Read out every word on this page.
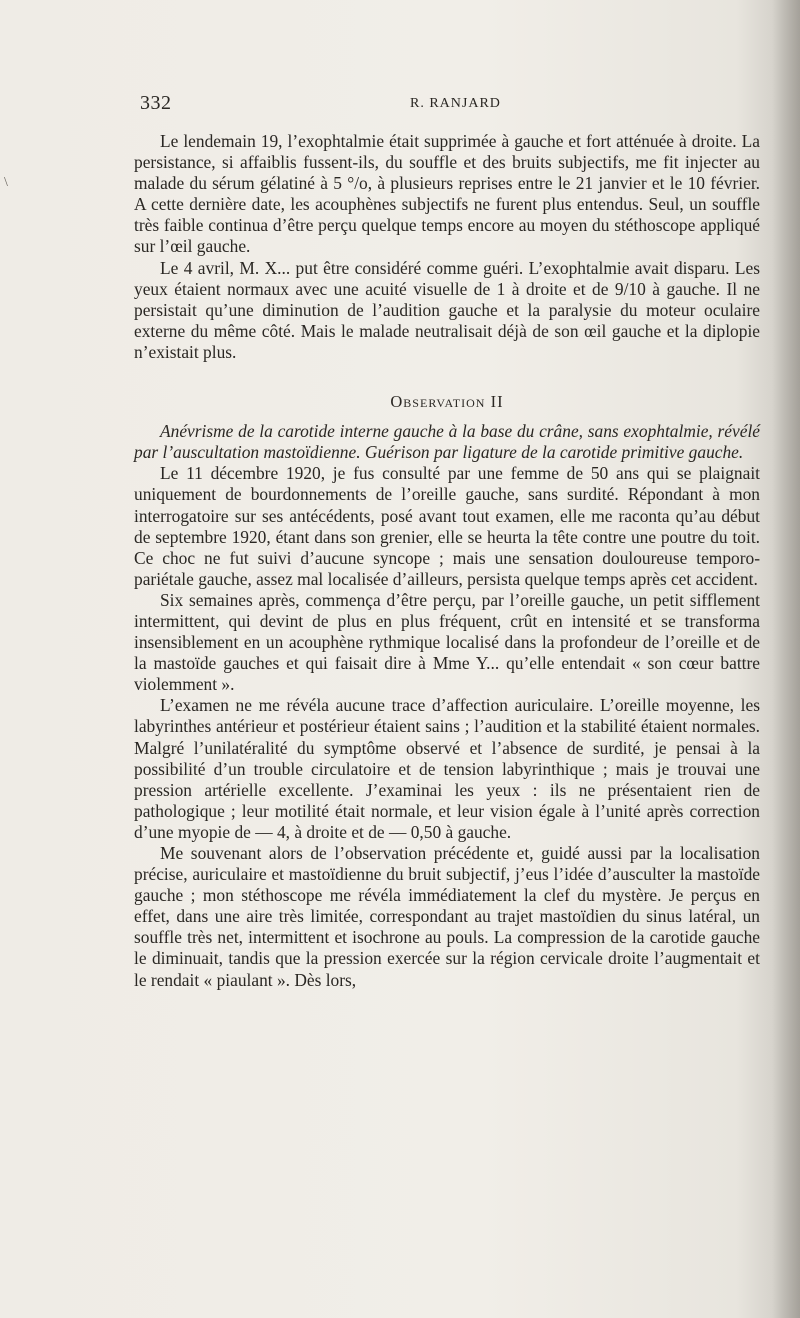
332	R. RANJARD
\

Le lendemain 19, l’exophtalmie était supprimée à gauche et fort atténuée à droite. La persistance, si affaiblis fussent-ils, du souffle et des bruits subjectifs, me fit injecter au malade du sérum gélatiné à 5 °/o, à plusieurs reprises entre le 21 janvier et le 10 février. A cette dernière date, les acouphènes subjectifs ne furent plus entendus. Seul, un souffle très faible continua d’être perçu quelque temps encore au moyen du stéthoscope appliqué sur l’œil gauche.

Le 4 avril, M. X... put être considéré comme guéri. L’exophtalmie avait disparu. Les yeux étaient normaux avec une acuité visuelle de 1 à droite et de 9/10 à gauche. Il ne persistait qu’une diminution de l’audition gauche et la paralysie du moteur oculaire externe du même côté. Mais le malade neutralisait déjà de son œil gauche et la diplopie n’existait plus.

Observation II

Anévrisme de la carotide interne gauche à la base du crâne, sans exophtalmie, révélé par l’auscultation mastoïdienne. Guérison par ligature de la carotide primitive gauche.

Le 11 décembre 1920, je fus consulté par une femme de 50 ans qui se plaignait uniquement de bourdonnements de l’oreille gauche, sans surdité. Répondant à mon interrogatoire sur ses antécédents, posé avant tout examen, elle me raconta qu’au début de septembre 1920, étant dans son grenier, elle se heurta la tête contre une poutre du toit. Ce choc ne fut suivi d’aucune syncope ; mais une sensation douloureuse temporo-pariétale gauche, assez mal localisée d’ailleurs, persista quelque temps après cet accident.

Six semaines après, commença d’être perçu, par l’oreille gauche, un petit sifflement intermittent, qui devint de plus en plus fréquent, crût en intensité et se transforma insensiblement en un acouphène rythmique localisé dans la profondeur de l’oreille et de la mastoïde gauches et qui faisait dire à Mme Y... qu’elle entendait « son cœur battre violemment ».

L’examen ne me révéla aucune trace d’affection auriculaire. L’oreille moyenne, les labyrinthes antérieur et postérieur étaient sains ; l’audition et la stabilité étaient normales. Malgré l’unilatéralité du symptôme observé et l’absence de surdité, je pensai à la possibilité d’un trouble circulatoire et de tension labyrinthique ; mais je trouvai une pression artérielle excellente. J’examinai les yeux : ils ne présentaient rien de pathologique ; leur motilité était normale, et leur vision égale à l’unité après correction d’une myopie de — 4, à droite et de — 0,50 à gauche.

Me souvenant alors de l’observation précédente et, guidé aussi par la localisation précise, auriculaire et mastoïdienne du bruit subjectif, j’eus l’idée d’ausculter la mastoïde gauche ; mon stéthoscope me révéla immédiatement la clef du mystère. Je perçus en effet, dans une aire très limitée, correspondant au trajet mastoïdien du sinus latéral, un souffle très net, intermittent et isochrone au pouls. La compression de la carotide gauche le diminuait, tandis que la pression exercée sur la région cervicale droite l’augmentait et le rendait « piaulant ». Dès lors,
